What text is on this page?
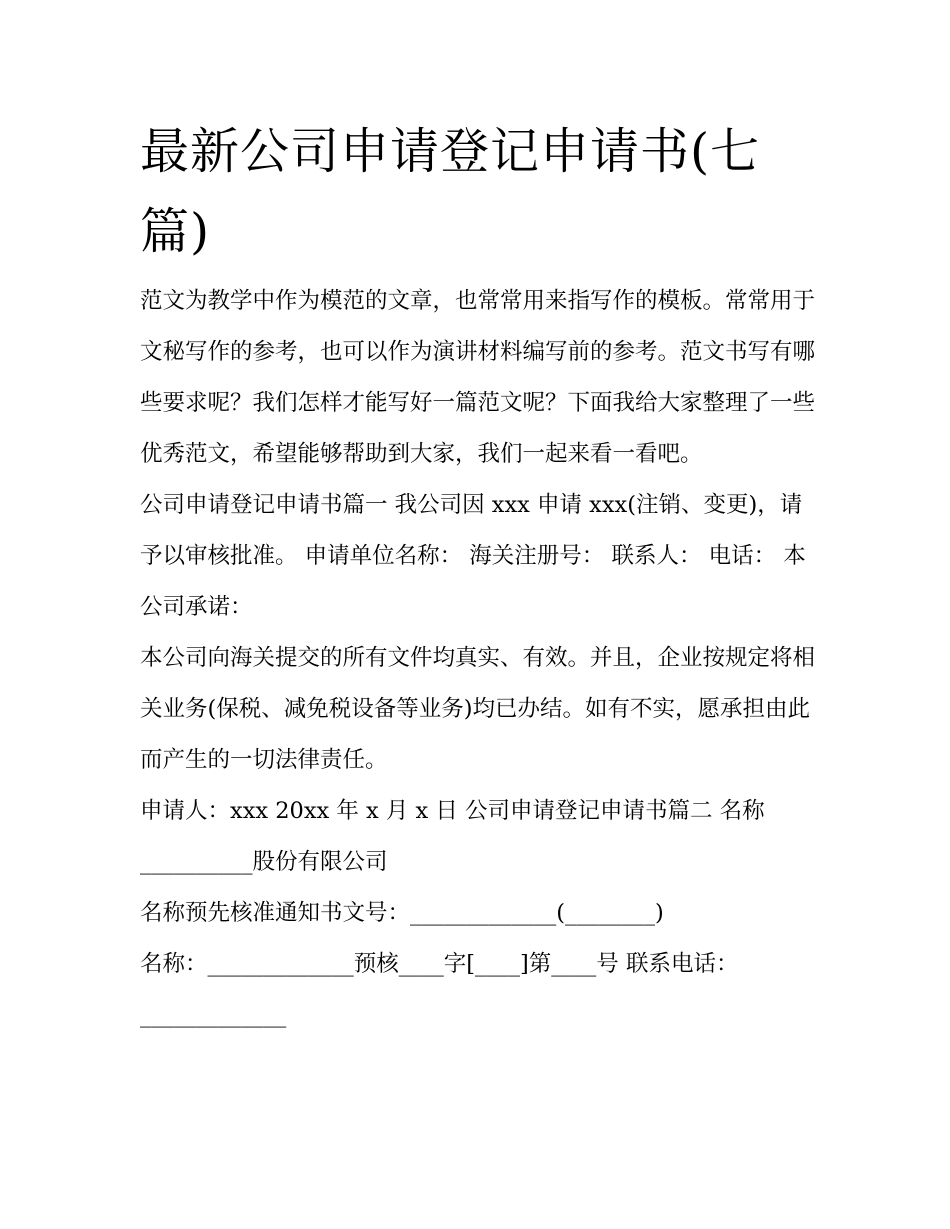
最新公司申请登记申请书(七篇)

范文为教学中作为模范的文章，也常常用来指写作的模板。常常用于文秘写作的参考，也可以作为演讲材料编写前的参考。范文书写有哪些要求呢？我们怎样才能写好一篇范文呢？下面我给大家整理了一些优秀范文，希望能够帮助到大家，我们一起来看一看吧。

公司申请登记申请书篇一 我公司因 xxx 申请 xxx(注销、变更)，请予以审核批准。 申请单位名称： 海关注册号： 联系人： 电话： 本公司承诺：

本公司向海关提交的所有文件均真实、有效。并且，企业按规定将相关业务(保税、减免税设备等业务)均已办结。如有不实，愿承担由此而产生的一切法律责任。

申请人：xxx 20xx 年 x 月 x 日 公司申请登记申请书篇二 名称__________股份有限公司

名称预先核准通知书文号：_____________(________)

名称：_____________预核____字[____]第____号 联系电话：_____________
